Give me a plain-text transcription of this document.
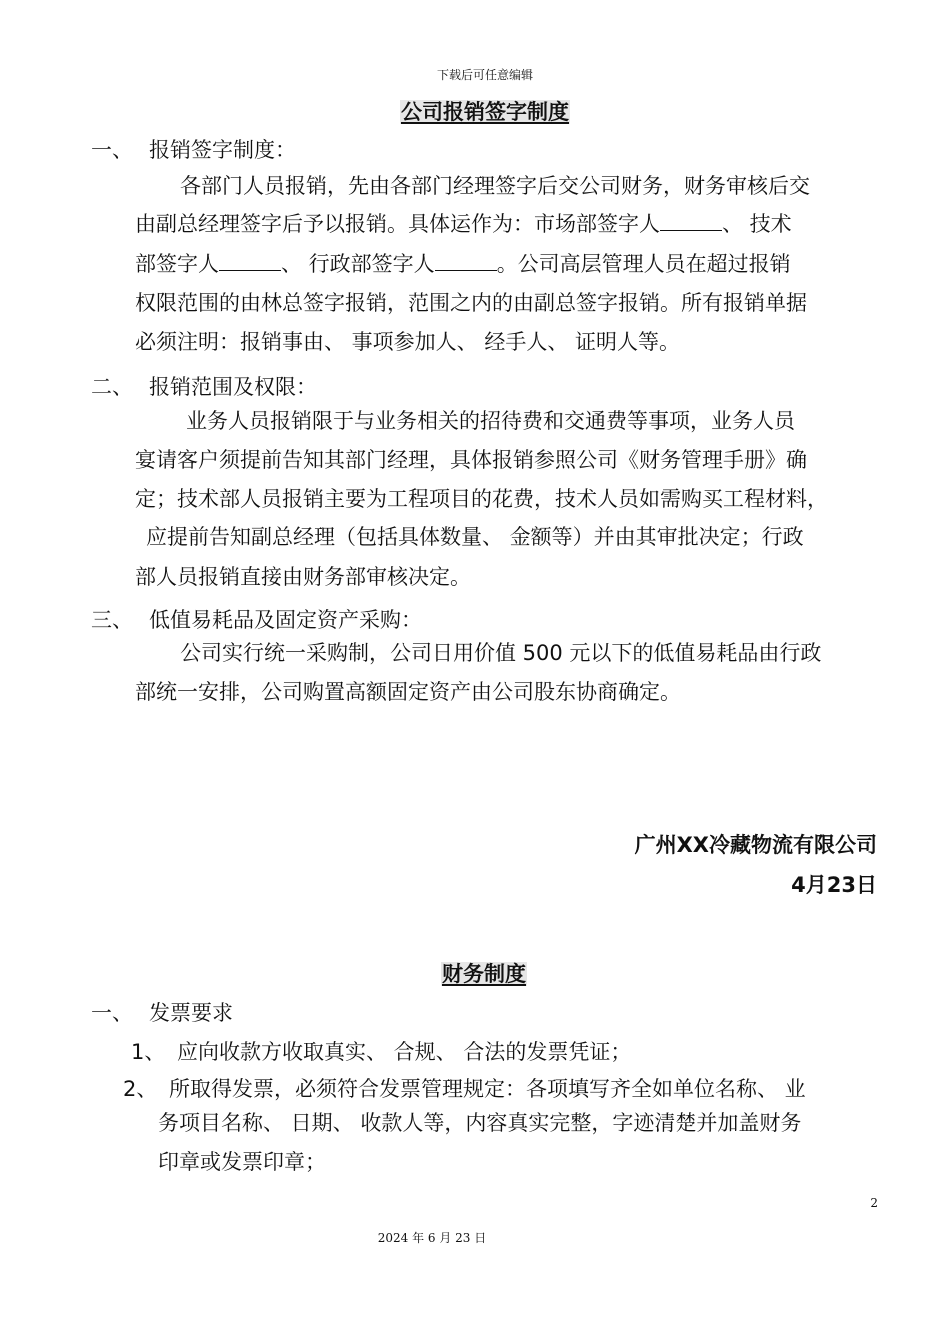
下载后可任意编辑
公司报销签字制度
一、 报销签字制度：
各部门人员报销，先由各部门经理签字后交公司财务，财务审核后交
由副总经理签字后予以报销。具体运作为：市场部签字人	、 技术
部签字人	、 行政部签字人	。公司高层管理人员在超过报销
权限范围的由林总签字报销，范围之内的由副总签字报销。所有报销单据
必须注明：报销事由、 事项参加人、 经手人、 证明人等。
二、 报销范围及权限：
业务人员报销限于与业务相关的招待费和交通费等事项，业务人员
宴请客户须提前告知其部门经理，具体报销参照公司《财务管理手册》确
定；技术部人员报销主要为工程项目的花费，技术人员如需购买工程材料，
应提前告知副总经理（包括具体数量、 金额等）并由其审批决定；行政
部人员报销直接由财务部审核决定。
三、 低值易耗品及固定资产采购：
公司实行统一采购制，公司日用价值 500 元以下的低值易耗品由行政
部统一安排，公司购置高额固定资产由公司股东协商确定。
广州XX冷藏物流有限公司
4月23日
财务制度
一、 发票要求
1、 应向收款方收取真实、 合规、 合法的发票凭证；
2、 所取得发票，必须符合发票管理规定：各项填写齐全如单位名称、 业
务项目名称、 日期、 收款人等，内容真实完整，字迹清楚并加盖财务
印章或发票印章；
2
2024 年 6 月 23 日
